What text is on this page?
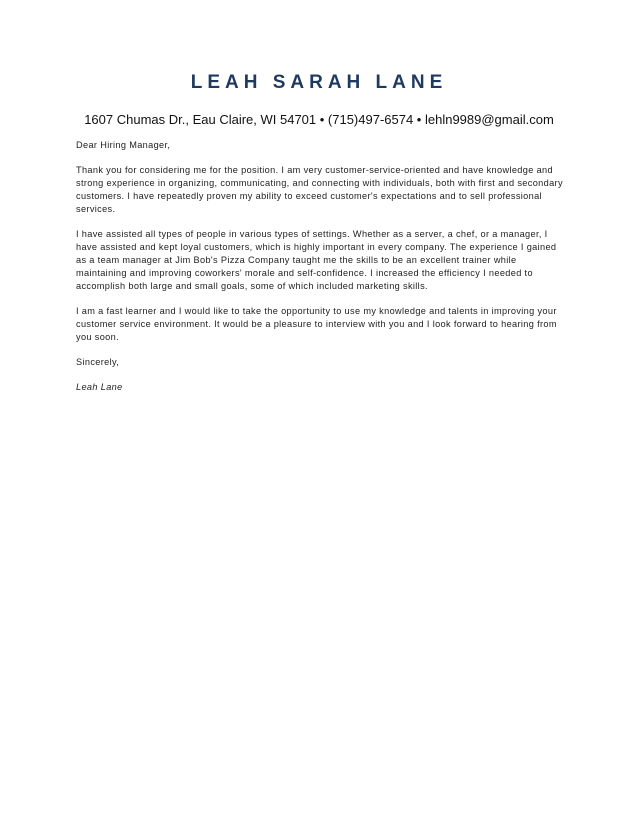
LEAH SARAH LANE
1607 Chumas Dr., Eau Claire, WI 54701 • (715)497-6574 • lehln9989@gmail.com

Dear Hiring Manager,

Thank you for considering me for the position. I am very customer-service-oriented and have knowledge and strong experience in organizing, communicating, and connecting with individuals, both with first and secondary customers. I have repeatedly proven my ability to exceed customer's expectations and to sell professional services.

I have assisted all types of people in various types of settings. Whether as a server, a chef, or a manager, I have assisted and kept loyal customers, which is highly important in every company. The experience I gained as a team manager at Jim Bob's Pizza Company taught me the skills to be an excellent trainer while maintaining and improving coworkers' morale and self-confidence. I increased the efficiency I needed to accomplish both large and small goals, some of which included marketing skills.

I am a fast learner and I would like to take the opportunity to use my knowledge and talents in improving your customer service environment. It would be a pleasure to interview with you and I look forward to hearing from you soon.

Sincerely,

Leah Lane
